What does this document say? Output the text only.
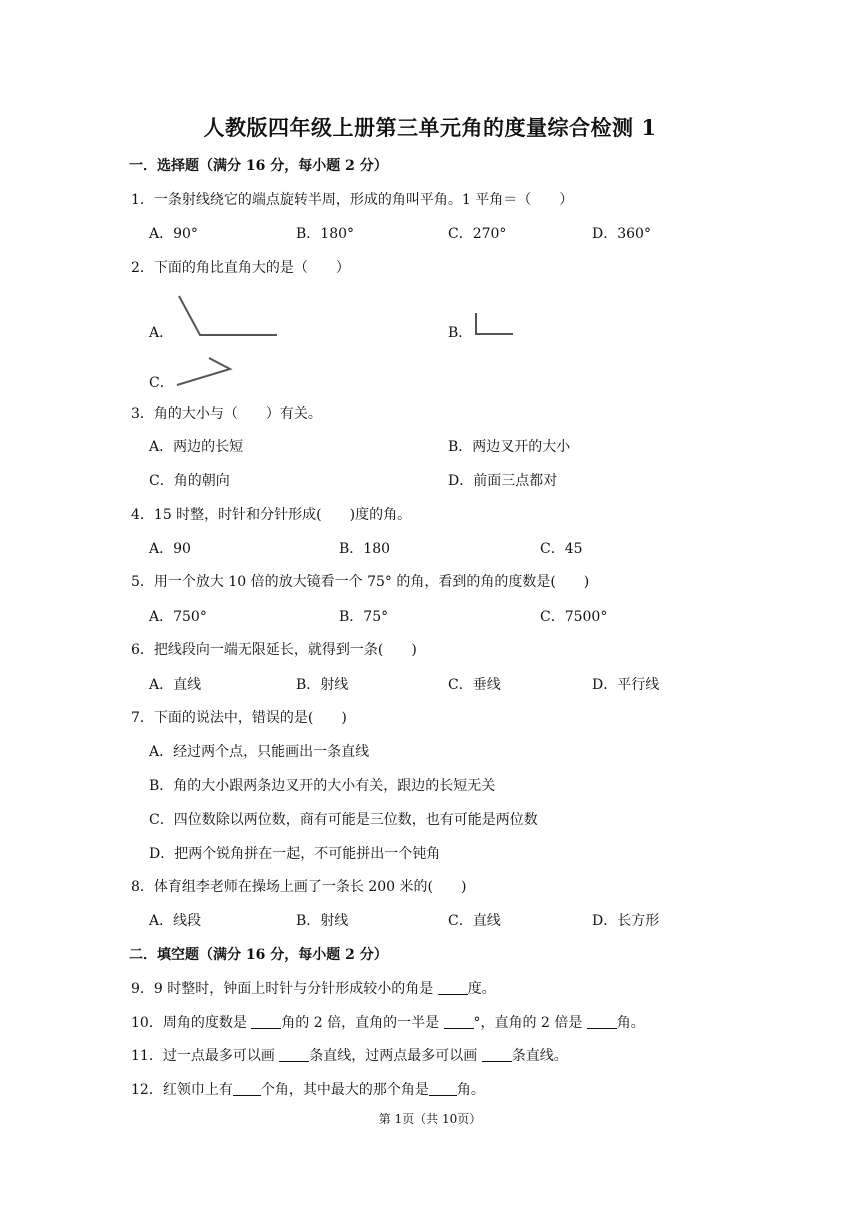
人教版四年级上册第三单元角的度量综合检测 1
一．选择题（满分 16 分，每小题 2 分）
1．一条射线绕它的端点旋转半周，形成的角叫平角。1 平角＝（　　）
A．90°	B．180°	C．270°	D．360°
2．下面的角比直角大的是（　　）
A．	B．
C．
3．角的大小与（　　）有关。
A．两边的长短	B．两边叉开的大小
C．角的朝向	D．前面三点都对
4．15 时整，时针和分针形成(　　)度的角。
A．90	B．180	C．45
5．用一个放大 10 倍的放大镜看一个 75° 的角，看到的角的度数是(　　)
A．750°	B．75°	C．7500°
6．把线段向一端无限延长，就得到一条(　　)
A．直线	B．射线	C．垂线	D．平行线
7．下面的说法中，错误的是(　　)
A．经过两个点，只能画出一条直线
B．角的大小跟两条边叉开的大小有关，跟边的长短无关
C．四位数除以两位数，商有可能是三位数，也有可能是两位数
D．把两个锐角拼在一起，不可能拼出一个钝角
8．体育组李老师在操场上画了一条长 200 米的(　　)
A．线段	B．射线	C．直线	D．长方形
二．填空题（满分 16 分，每小题 2 分）
9．9 时整时，钟面上时针与分针形成较小的角是 度。
10．周角的度数是 角的 2 倍，直角的一半是 °，直角的 2 倍是 角。
11．过一点最多可以画 条直线，过两点最多可以画 条直线。
12．红领巾上有 个角，其中最大的那个角是 角。
第 1页（共 10页）
